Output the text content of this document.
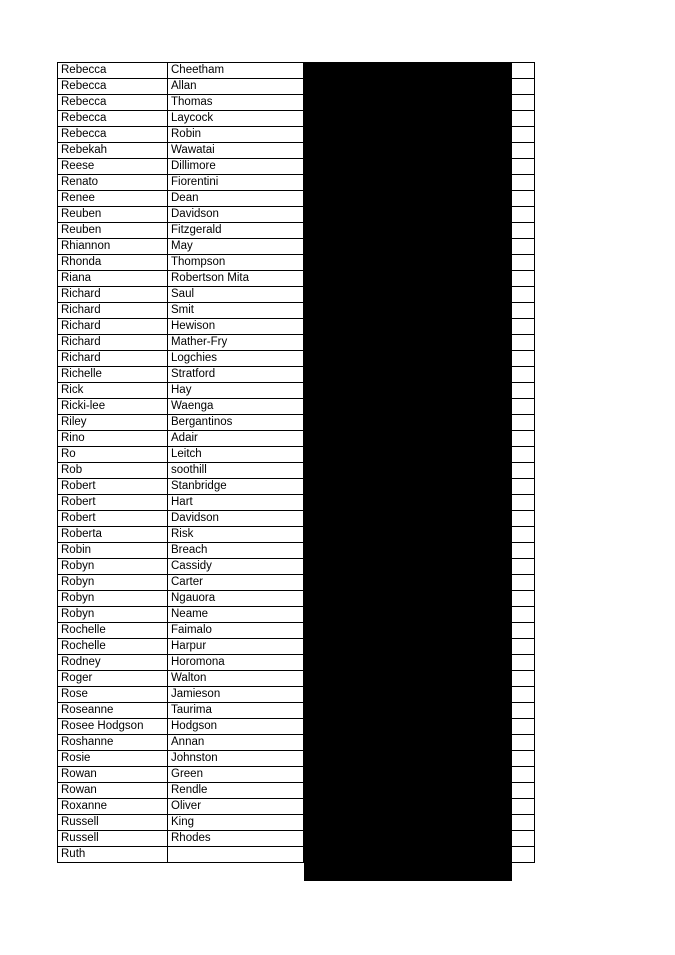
Rebecca	Cheetham		
Rebecca	Allan		
Rebecca	Thomas		
Rebecca	Laycock		
Rebecca	Robin		
Rebekah	Wawatai		
Reese	Dillimore		
Renato	Fiorentini		
Renee	Dean		
Reuben	Davidson		
Reuben	Fitzgerald		
Rhiannon	May		
Rhonda	Thompson		
Riana	Robertson Mita		
Richard	Saul		
Richard	Smit		
Richard	Hewison		
Richard	Mather-Fry		
Richard	Logchies		
Richelle	Stratford		
Rick	Hay		
Ricki-lee	Waenga		
Riley	Bergantinos		
Rino	Adair		
Ro	Leitch		
Rob	soothill		
Robert	Stanbridge		
Robert	Hart		
Robert	Davidson		
Roberta	Risk		
Robin	Breach		
Robyn	Cassidy		
Robyn	Carter		
Robyn	Ngauora		
Robyn	Neame		
Rochelle	Faimalo		
Rochelle	Harpur		
Rodney	Horomona		
Roger	Walton		
Rose	Jamieson		
Roseanne	Taurima		
Rosee Hodgson	Hodgson		
Roshanne	Annan		
Rosie	Johnston		
Rowan	Green		
Rowan	Rendle		
Roxanne	Oliver		
Russell	King		
Russell	Rhodes		
Ruth			
